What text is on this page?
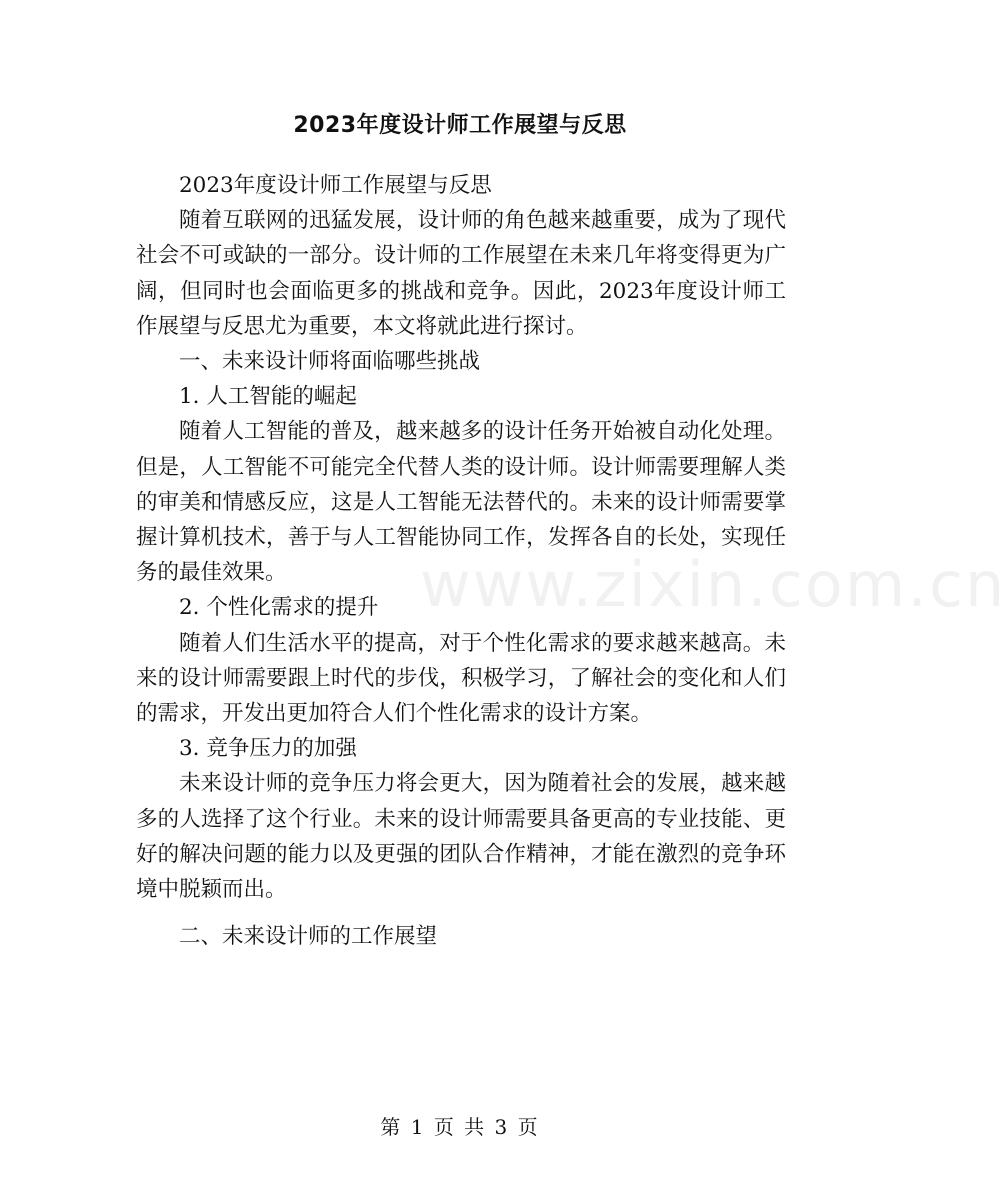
www.zixin.com.cn
2023年度设计师工作展望与反思

2023年度设计师工作展望与反思

随着互联网的迅猛发展，设计师的角色越来越重要，成为了现代社会不可或缺的一部分。设计师的工作展望在未来几年将变得更为广阔，但同时也会面临更多的挑战和竞争。因此，2023年度设计师工作展望与反思尤为重要，本文将就此进行探讨。

一、未来设计师将面临哪些挑战

1. 人工智能的崛起

随着人工智能的普及，越来越多的设计任务开始被自动化处理。但是，人工智能不可能完全代替人类的设计师。设计师需要理解人类的审美和情感反应，这是人工智能无法替代的。未来的设计师需要掌握计算机技术，善于与人工智能协同工作，发挥各自的长处，实现任务的最佳效果。

2. 个性化需求的提升

随着人们生活水平的提高，对于个性化需求的要求越来越高。未来的设计师需要跟上时代的步伐，积极学习，了解社会的变化和人们的需求，开发出更加符合人们个性化需求的设计方案。

3. 竞争压力的加强

未来设计师的竞争压力将会更大，因为随着社会的发展，越来越多的人选择了这个行业。未来的设计师需要具备更高的专业技能、更好的解决问题的能力以及更强的团队合作精神，才能在激烈的竞争环境中脱颖而出。

二、未来设计师的工作展望

第 1 页 共 3 页
